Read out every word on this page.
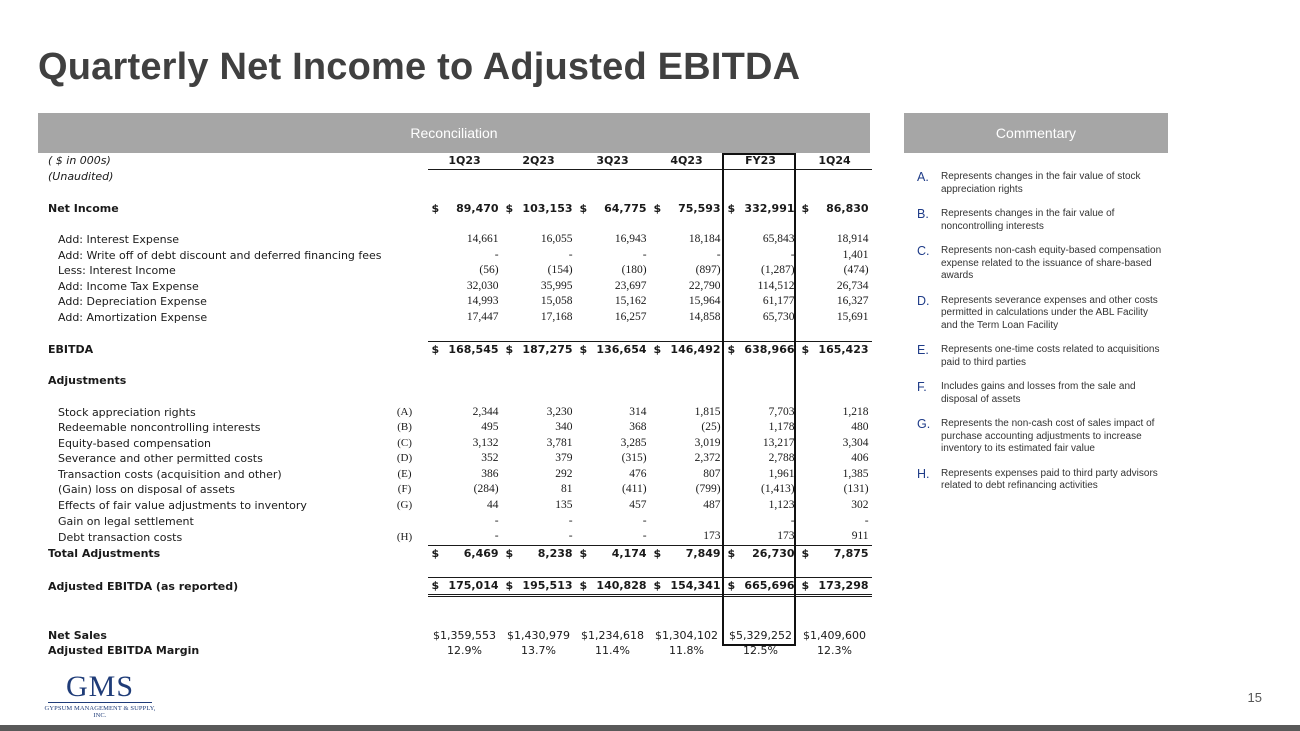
Quarterly Net Income to Adjusted EBITDA
Reconciliation	Commentary
( $ in 000s)		1Q23	2Q23	3Q23	4Q23	FY23	1Q24
(Unaudited)							

Net Income		$ 89,470	$ 103,153	$ 64,775	$ 75,593	$ 332,991	$ 86,830

Add: Interest Expense		14,661	16,055	16,943	18,184	65,843	18,914
Add: Write off of debt discount and deferred financing fees		-	-	-	-	-	1,401
Less: Interest Income		(56)	(154)	(180)	(897)	(1,287)	(474)
Add: Income Tax Expense		32,030	35,995	23,697	22,790	114,512	26,734
Add: Depreciation Expense		14,993	15,058	15,162	15,964	61,177	16,327
Add: Amortization Expense		17,447	17,168	16,257	14,858	65,730	15,691

EBITDA		$ 168,545	$ 187,275	$ 136,654	$ 146,492	$ 638,966	$ 165,423

Adjustments							

Stock appreciation rights	(A)	2,344	3,230	314	1,815	7,703	1,218
Redeemable noncontrolling interests	(B)	495	340	368	(25)	1,178	480
Equity-based compensation	(C)	3,132	3,781	3,285	3,019	13,217	3,304
Severance and other permitted costs	(D)	352	379	(315)	2,372	2,788	406
Transaction costs (acquisition and other)	(E)	386	292	476	807	1,961	1,385
(Gain) loss on disposal of assets	(F)	(284)	81	(411)	(799)	(1,413)	(131)
Effects of fair value adjustments to inventory	(G)	44	135	457	487	1,123	302
Gain on legal settlement		-	-	-		-	-
Debt transaction costs	(H)	-	-	-	173	173	911
Total Adjustments		$ 6,469	$ 8,238	$ 4,174	$ 7,849	$ 26,730	$ 7,875

Adjusted EBITDA (as reported)		$ 175,014	$ 195,513	$ 140,828	$ 154,341	$ 665,696	$ 173,298

Net Sales		$1,359,553	$1,430,979	$1,234,618	$1,304,102	$5,329,252	$1,409,600
Adjusted EBITDA Margin		12.9%	13.7%	11.4%	11.8%	12.5%	12.3%
A.	Represents changes in the fair value of stock appreciation rights
B.	Represents changes in the fair value of noncontrolling interests
C.	Represents non-cash equity-based compensation expense related to the issuance of share-based awards
D.	Represents severance expenses and other costs permitted in calculations under the ABL Facility and the Term Loan Facility
E.	Represents one-time costs related to acquisitions paid to third parties
F.	Includes gains and losses from the sale and disposal of assets
G.	Represents the non-cash cost of sales impact of purchase accounting adjustments to increase inventory to its estimated fair value
H.	Represents expenses paid to third party advisors related to debt refinancing activities
GMS
GYPSUM MANAGEMENT & SUPPLY, INC.
15
